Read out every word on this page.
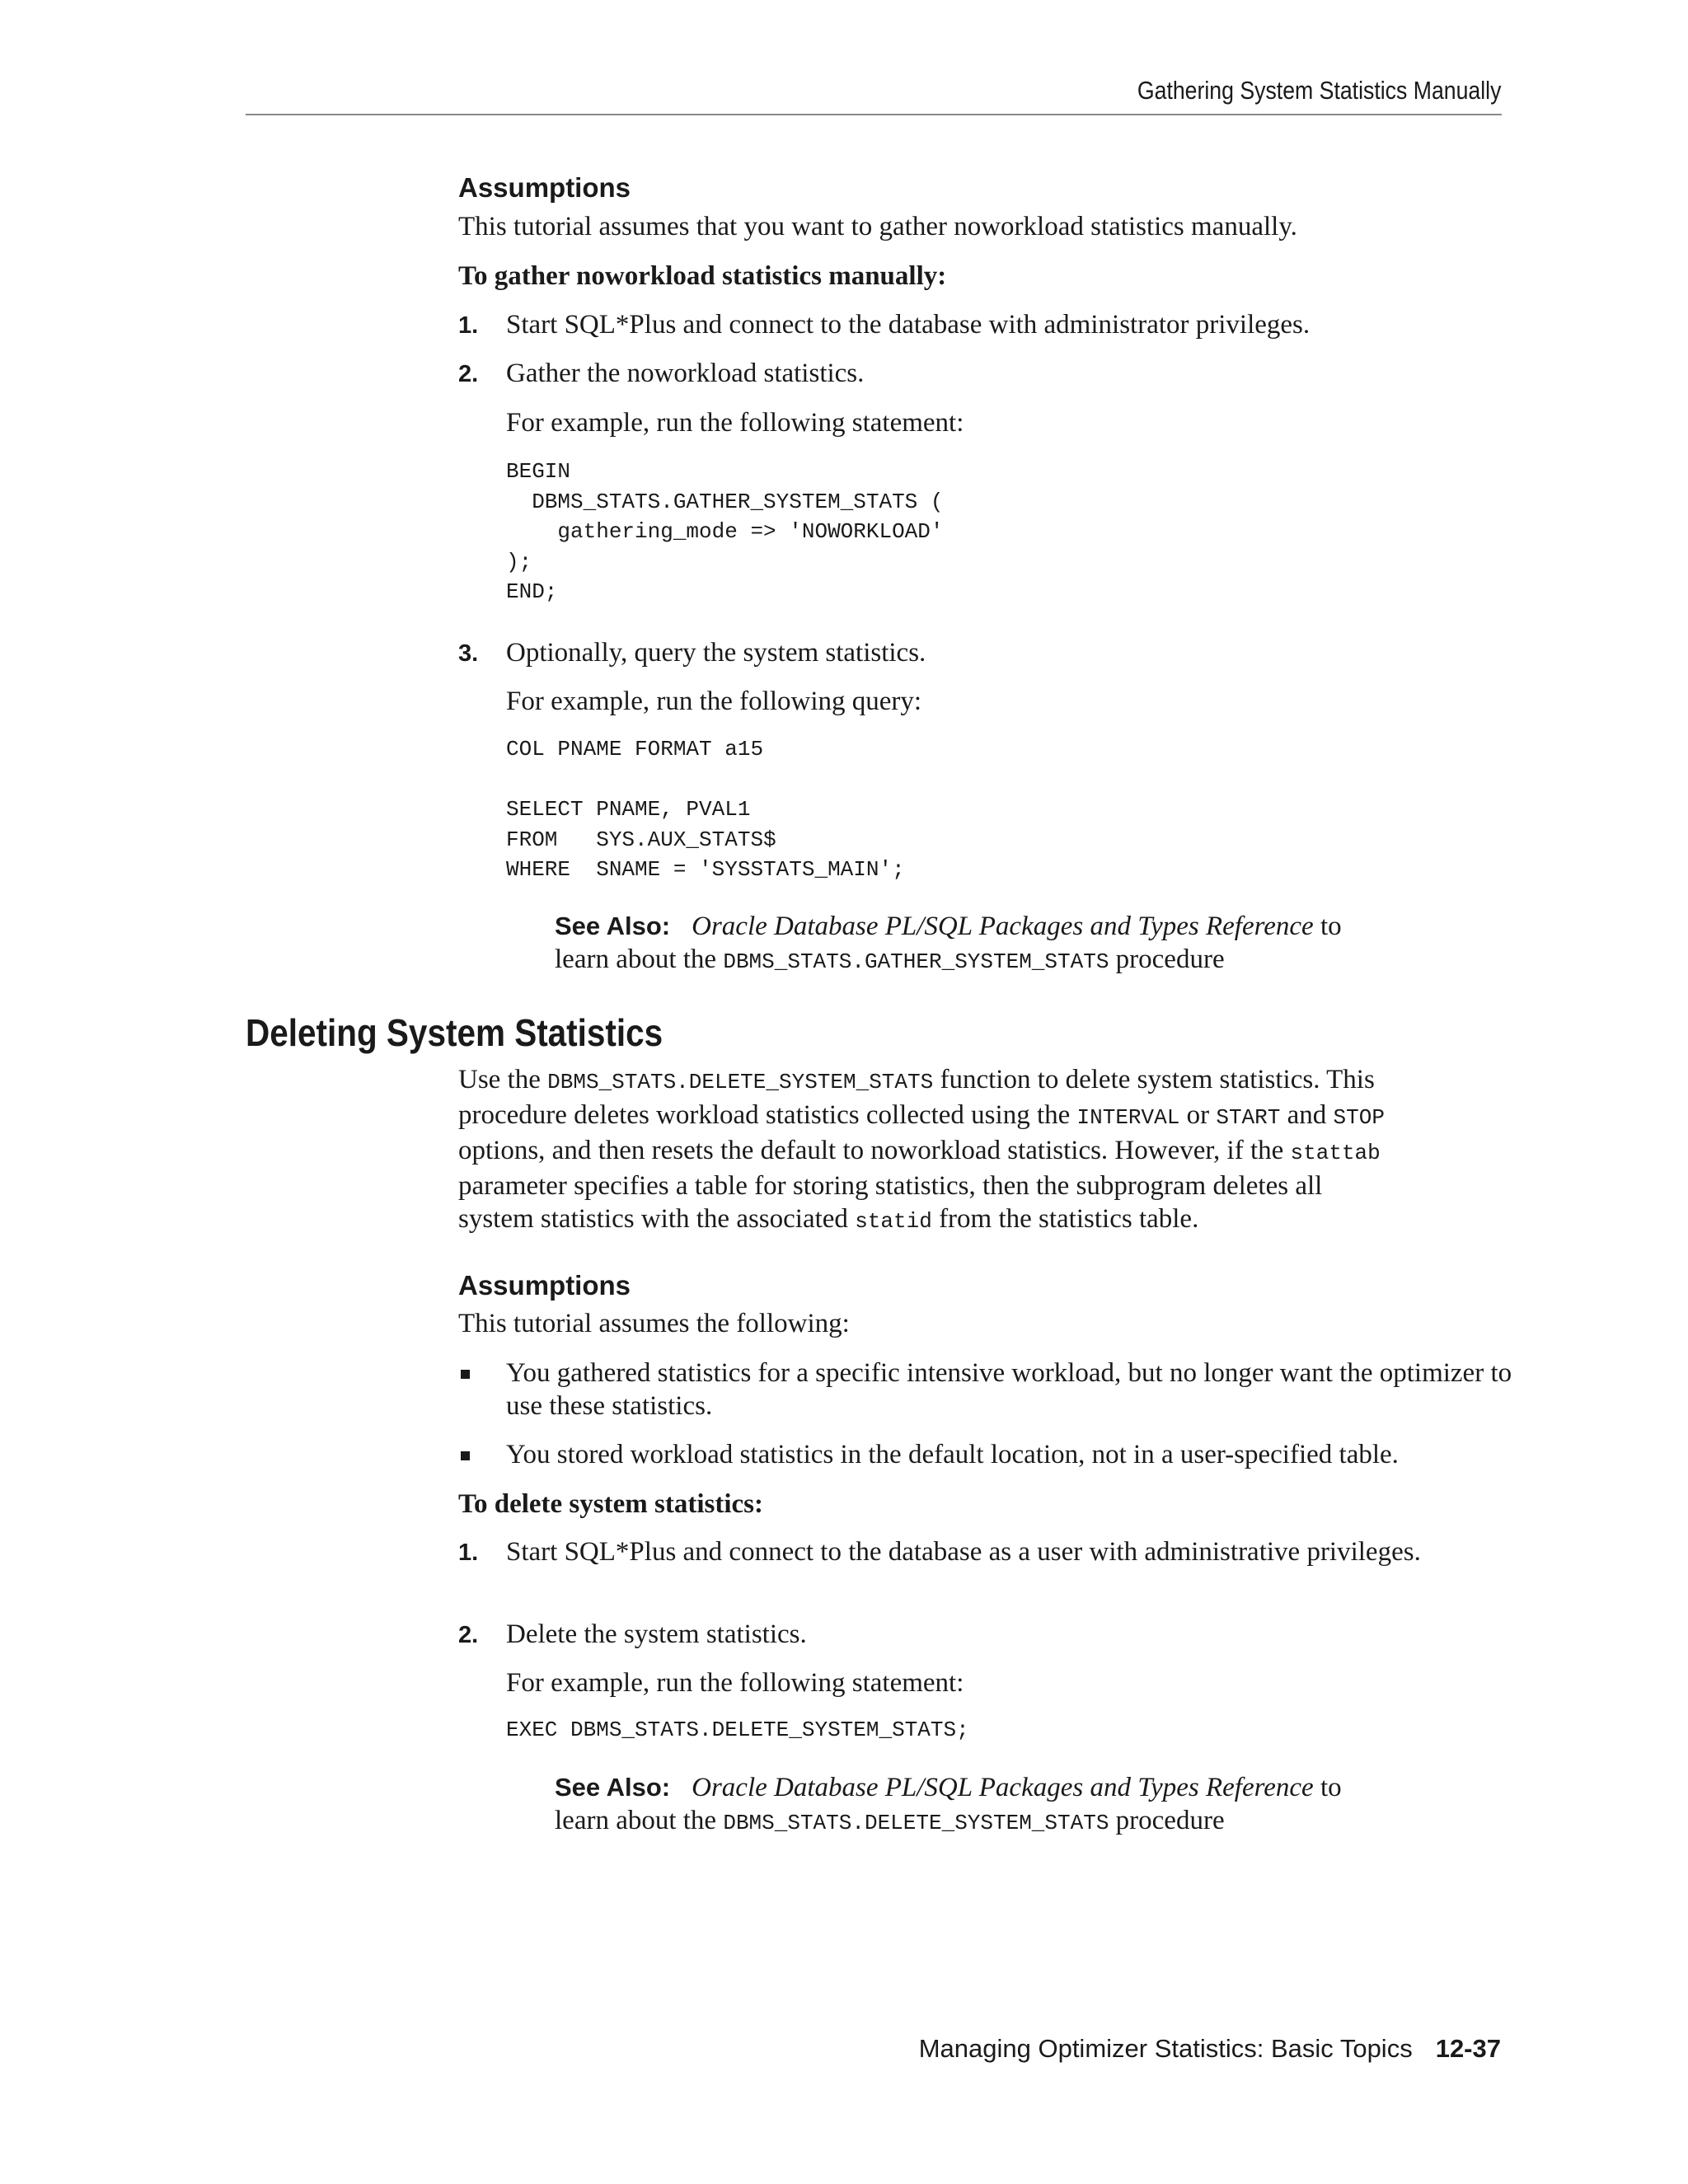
Gathering System Statistics Manually
Assumptions
This tutorial assumes that you want to gather noworkload statistics manually.
To gather noworkload statistics manually:
1. Start SQL*Plus and connect to the database with administrator privileges.
2. Gather the noworkload statistics.
For example, run the following statement:
BEGIN
DBMS_STATS.GATHER_SYSTEM_STATS (
gathering_mode => 'NOWORKLOAD'
);
END;
3. Optionally, query the system statistics.
For example, run the following query:
COL PNAME FORMAT a15

SELECT PNAME, PVAL1
FROM   SYS.AUX_STATS$
WHERE  SNAME = 'SYSSTATS_MAIN';
See Also: Oracle Database PL/SQL Packages and Types Reference to
learn about the DBMS_STATS.GATHER_SYSTEM_STATS procedure
Deleting System Statistics
Use the DBMS_STATS.DELETE_SYSTEM_STATS function to delete system statistics. This
procedure deletes workload statistics collected using the INTERVAL or START and STOP
options, and then resets the default to noworkload statistics. However, if the stattab
parameter specifies a table for storing statistics, then the subprogram deletes all
system statistics with the associated statid from the statistics table.
Assumptions
This tutorial assumes the following:
You gathered statistics for a specific intensive workload, but no longer want the optimizer to use these statistics.
You stored workload statistics in the default location, not in a user-specified table.
To delete system statistics:
1. Start SQL*Plus and connect to the database as a user with administrative privileges.
2. Delete the system statistics.
For example, run the following statement:
EXEC DBMS_STATS.DELETE_SYSTEM_STATS;
See Also: Oracle Database PL/SQL Packages and Types Reference to
learn about the DBMS_STATS.DELETE_SYSTEM_STATS procedure
Managing Optimizer Statistics: Basic Topics 12-37
